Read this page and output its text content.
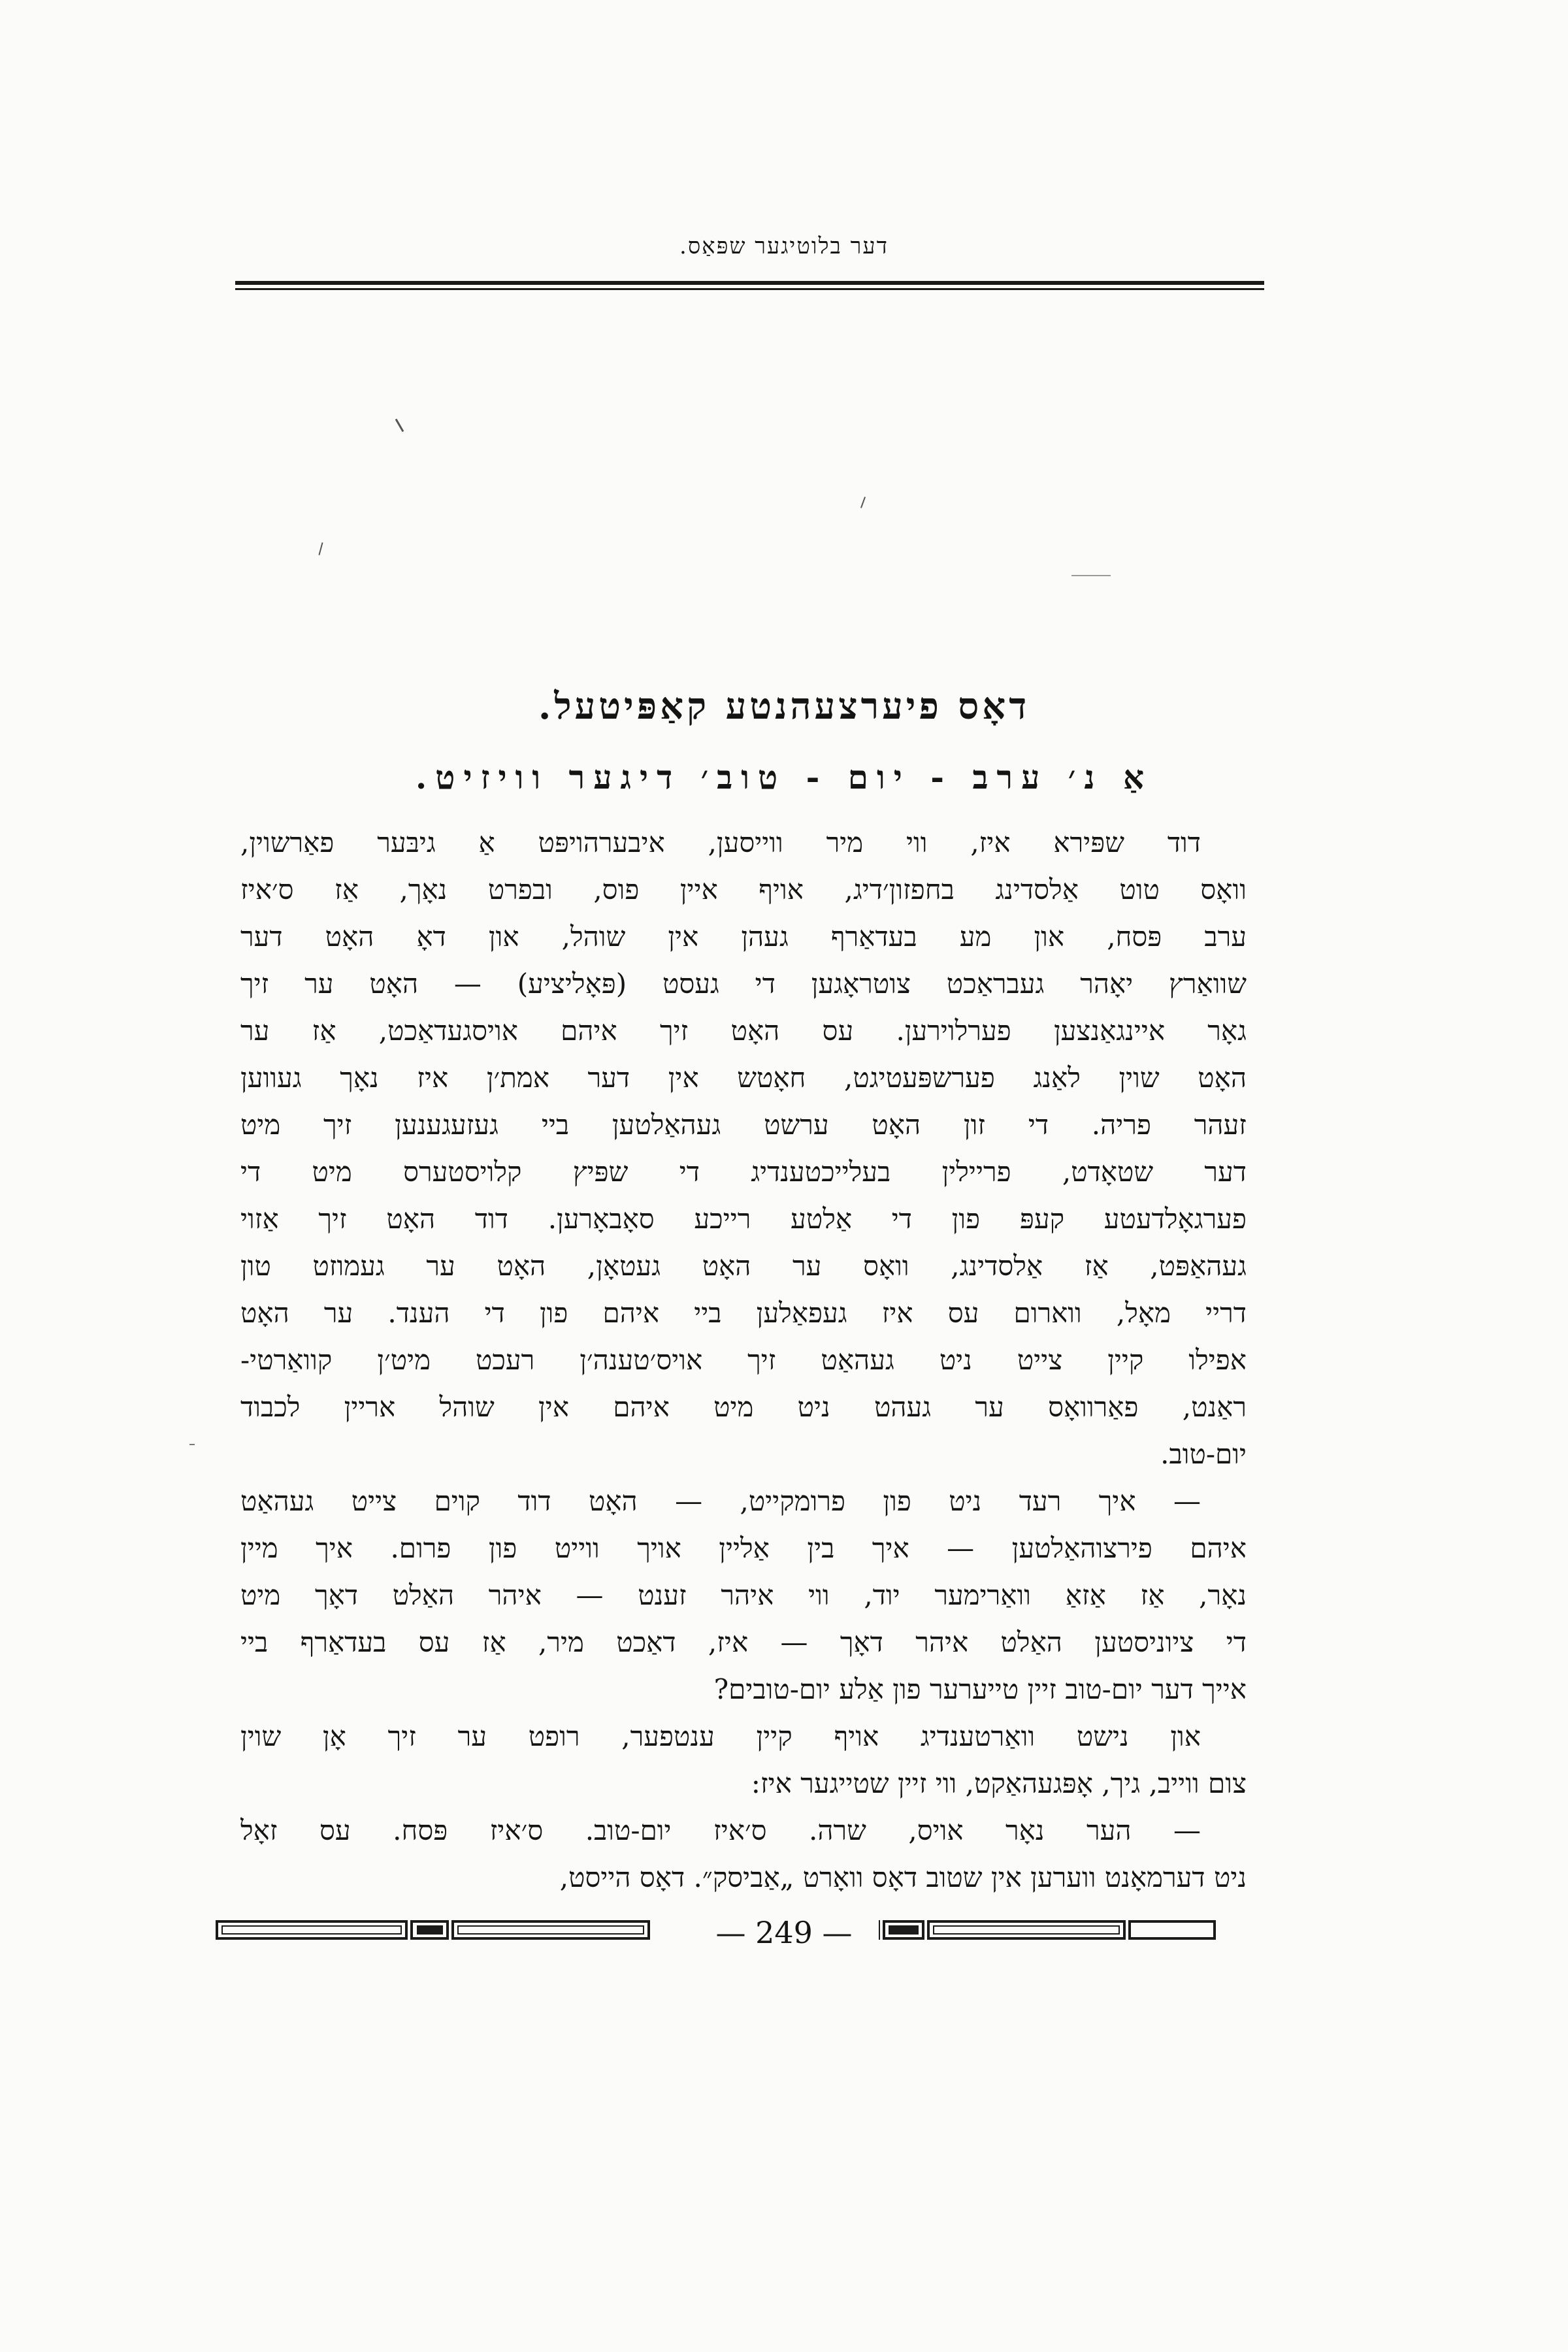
דער בלוטיגער שפּאַס.
דאָס פיערצעהנטע קאַפּיטעל.
אַ נ׳ ערב - יום - טוב׳ דיגער וויזיט.
דוד שפּירא איז, ווי מיר ווייסען, איבערהויפּט אַ גיבּער פאַרשוין,
וואָס טוט אַלסדינג בחפזון׳דיג, אויף איין פוס, ובפרט נאָך, אַז ס׳איז
ערב פּסח, און מע בעדאַרף געהן אין שוהל, און דאָ האָט דער
שוואַרץ יאָהר געבראַכט צוטראָגען די געסט (פּאָליציע) — האָט ער זיך
גאָר איינגאַנצען פערלוירען. עס האָט זיך איהם אויסגעדאַכט, אַז ער
האָט שוין לאַנג פערשפּעטיגט, חאָטש אין דער אמת׳ן איז נאָך געווען
זעהר פריה. די זון האָט ערשט געהאַלטען ביי געזעגענען זיך מיט
דער שטאָדט, פריילין בעלייכטענדיג די שפּיץ קלויסטערס מיט די
פערגאָלדעטע קעפּ פון די אַלטע רייכע סאָבאָרען. דוד האָט זיך אַזוי
געהאַפּט, אַז אַלסדינג, וואָס ער האָט געטאָן, האָט ער געמוזט טון
דריי מאָל, ווארום עס איז געפאַלען ביי איהם פון די הענד. ער האָט
אפילו קיין צייט ניט געהאַט זיך אויס׳טענה׳ן רעכט מיט׳ן קוואַרטי-
ראַנט, פאַרוואָס ער געהט ניט מיט איהם אין שוהל אריין לכבוד
יום-טוב.
— איך רעד ניט פון פרומקייט, — האָט דוד קוים צייט געהאַט
איהם פירצוהאַלטען — איך בין אַליין אויך ווייט פון פרום. איך מיין
נאָר, אַז אַזאַ וואַרימער יוד, ווי איהר זענט — איהר האַלט דאָך מיט
די ציוניסטען האַלט איהר דאָך — איז, דאַכט מיר, אַז עס בעדאַרף ביי
אייך דער יום-טוב זיין טייערער פון אַלע יום-טובים?
און נישט וואַרטענדיג אויף קיין ענטפער, רופט ער זיך אָן שוין
צום ווייב, גיך, אָפּגעהאַקט, ווי זיין שטייגער איז:
— הער נאָר אויס, שרה. ס׳איז יום-טוב. ס׳איז פּסח. עס זאָל
ניט דערמאָנט ווערען אין שטוב דאָס וואָרט „אַביסק״. דאָס הייסט,
— 249 —
